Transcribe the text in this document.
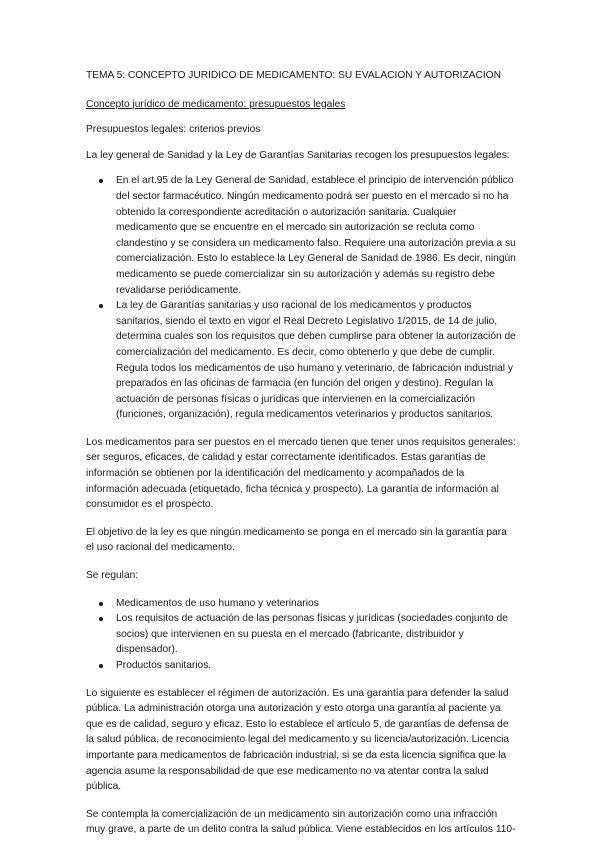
TEMA 5: CONCEPTO JURIDICO DE MEDICAMENTO: SU EVALACION Y AUTORIZACION

Concepto jurídico de medicamento: presupuestos legales

Presupuestos legales: criterios previos

La ley general de Sanidad y la Ley de Garantías Sanitarias recogen los presupuestos legales:

En el art.95 de la Ley General de Sanidad, establece el principio de intervención público del sector farmacéutico. Ningún medicamento podrá ser puesto en el mercado si no ha obtenido la correspondiente acreditación o autorización sanitaria. Cualquier medicamento que se encuentre en el mercado sin autorización se recluta como clandestino y se considera un medicamento falso. Requiere una autorización previa a su comercialización. Esto lo establece la Ley General de Sanidad de 1986. Es decir, ningún medicamento se puede comercializar sin su autorización y además su registro debe revalidarse periódicamente.
La ley de Garantías sanitarias y uso racional de los medicamentos y productos sanitarios, siendo el texto en vigor el Real Decreto Legislativo 1/2015, de 14 de julio, determina cuales son los requisitos que deben cumplirse para obtener la autorización de comercialización del medicamento. Es decir, como obtenerlo y que debe de cumplir. Regula todos los medicamentos de uso humano y veterinario, de fabricación industrial y preparados en las oficinas de farmacia (en función del origen y destino). Regulan la actuación de personas físicas o jurídicas que intervienen en la comercialización (funciones, organización), regula medicamentos veterinarios y productos sanitarios.

Los medicamentos para ser puestos en el mercado tienen que tener unos requisitos generales: ser seguros, eficaces, de calidad y estar correctamente identificados. Estas garantías de información se obtienen por la identificación del medicamento y acompañados de la información adecuada (etiquetado, ficha técnica y prospecto). La garantía de información al consumidor es el prospecto.

El objetivo de la ley es que ningún medicamento se ponga en el mercado sin la garantía para el uso racional del medicamento.

Se regulan:

Medicamentos de uso humano y veterinarios
Los requisitos de actuación de las personas físicas y jurídicas (sociedades conjunto de socios) que intervienen en su puesta en el mercado (fabricante, distribuidor y dispensador).
Productos sanitarios.

Lo siguiente es establecer el régimen de autorización. Es una garantía para defender la salud pública. La administración otorga una autorización y esto otorga una garantía al paciente ya que es de calidad, seguro y eficaz. Esto lo establece el artículo 5, de garantías de defensa de la salud pública, de reconocimiento legal del medicamento y su licencia/autorización. Licencia importante para medicamentos de fabricación industrial, si se da esta licencia significa que la agencia asume la responsabilidad de que ese medicamento no va atentar contra la salud pública.

Se contempla la comercialización de un medicamento sin autorización como una infracción muy grave, a parte de un delito contra la salud pública. Viene establecidos en los artículos 110-
